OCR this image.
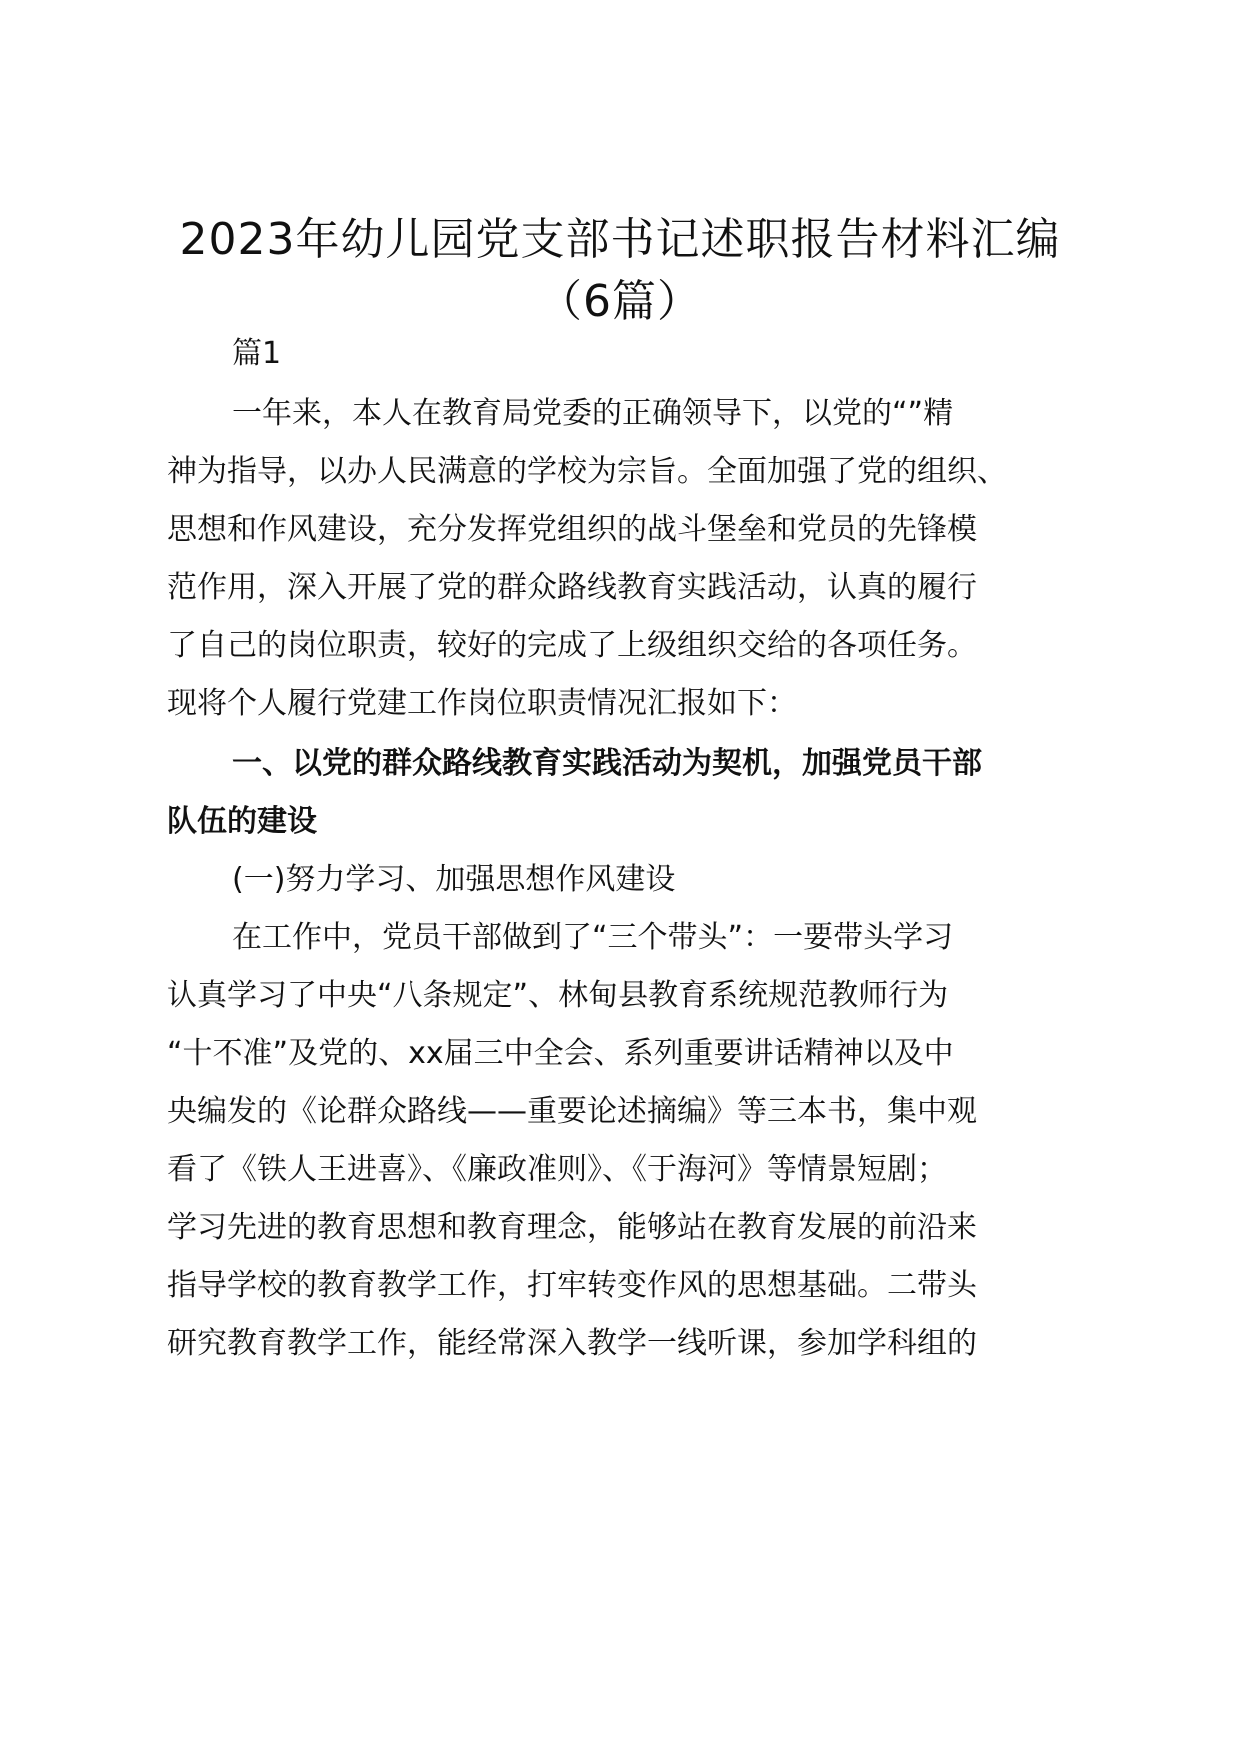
2023年幼儿园党支部书记述职报告材料汇编
（6篇）

篇1

一年来，本人在教育局党委的正确领导下，以党的“”精

神为指导，以办人民满意的学校为宗旨。全面加强了党的组织、

思想和作风建设，充分发挥党组织的战斗堡垒和党员的先锋模

范作用，深入开展了党的群众路线教育实践活动，认真的履行

了自己的岗位职责，较好的完成了上级组织交给的各项任务。

现将个人履行党建工作岗位职责情况汇报如下：

一、以党的群众路线教育实践活动为契机，加强党员干部

队伍的建设

(一)努力学习、加强思想作风建设

在工作中，党员干部做到了“三个带头”：一要带头学习

认真学习了中央“八条规定”、林甸县教育系统规范教师行为

“十不准”及党的、xx届三中全会、系列重要讲话精神以及中

央编发的《论群众路线——重要论述摘编》等三本书，集中观

看了《铁人王进喜》、《廉政准则》、《于海河》等情景短剧；

学习先进的教育思想和教育理念，能够站在教育发展的前沿来

指导学校的教育教学工作，打牢转变作风的思想基础。二带头

研究教育教学工作，能经常深入教学一线听课，参加学科组的
